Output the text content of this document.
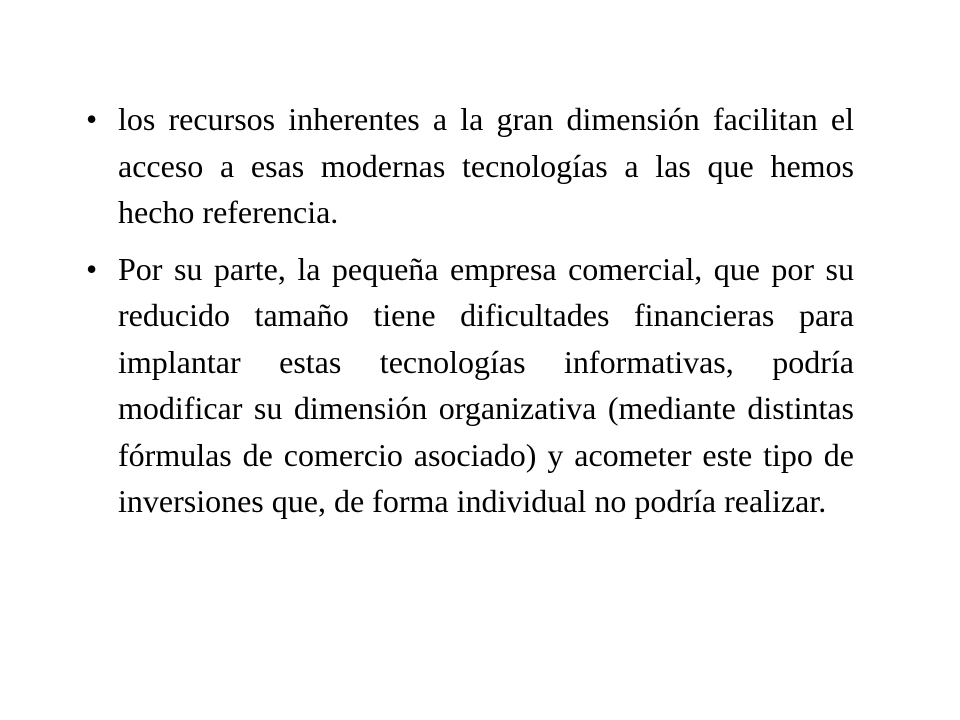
• los recursos inherentes a la gran dimensión facilitan el acceso a esas modernas tecnologías a las que hemos hecho referencia.
• Por su parte, la pequeña empresa comercial, que por su reducido tamaño tiene dificultades financieras para implantar estas tecnologías informativas, podría modificar su dimensión organizativa (mediante distintas fórmulas de comercio asociado) y acometer este tipo de inversiones que, de forma individual no podría realizar.
